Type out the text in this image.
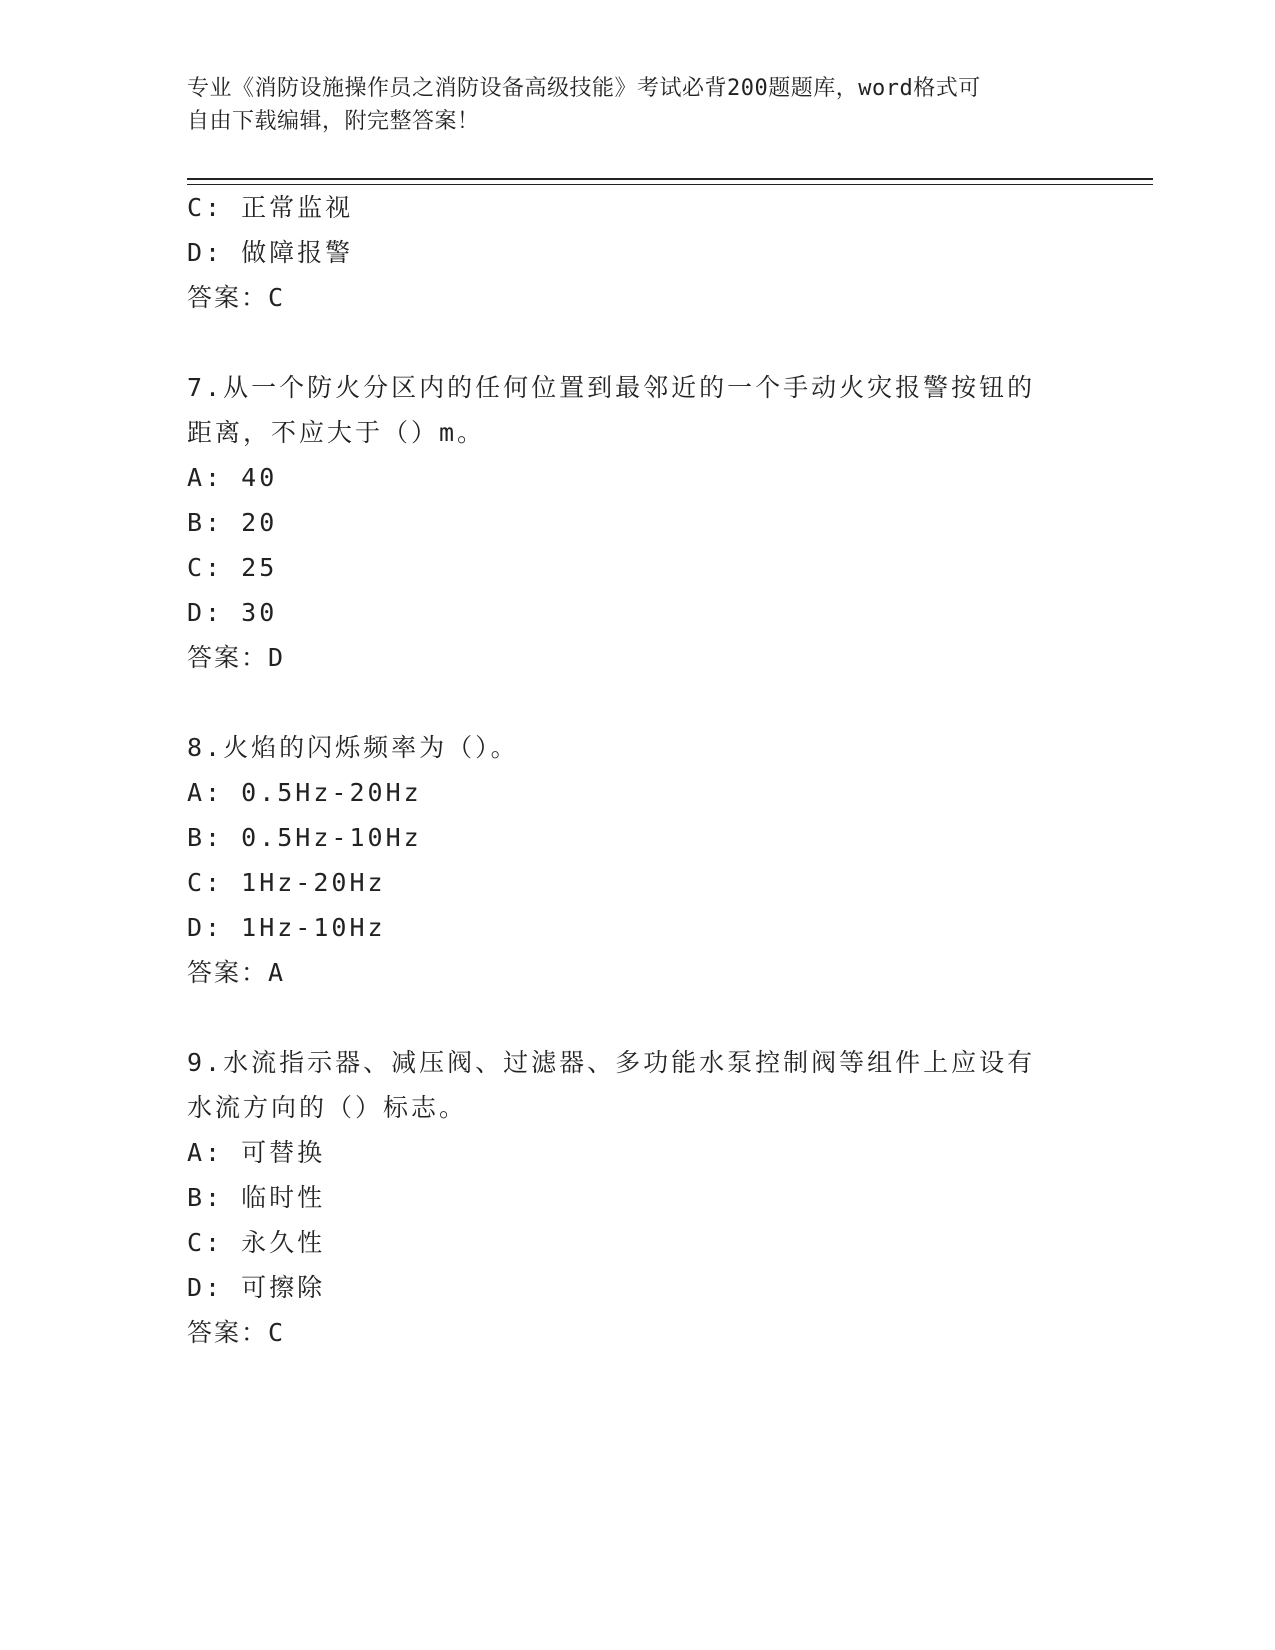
专业《消防设施操作员之消防设备高级技能》考试必背200题题库，word格式可
自由下载编辑，附完整答案！
C: 正常监视
D: 做障报警
答案：C
7.从一个防火分区内的任何位置到最邻近的一个手动火灾报警按钮的
距离，不应大于（）m。
A: 40
B: 20
C: 25
D: 30
答案：D
8.火焰的闪烁频率为（）。
A: 0.5Hz-20Hz
B: 0.5Hz-10Hz
C: 1Hz-20Hz
D: 1Hz-10Hz
答案：A
9.水流指示器、减压阀、过滤器、多功能水泵控制阀等组件上应设有
水流方向的（）标志。
A: 可替换
B: 临时性
C: 永久性
D: 可擦除
答案：C
